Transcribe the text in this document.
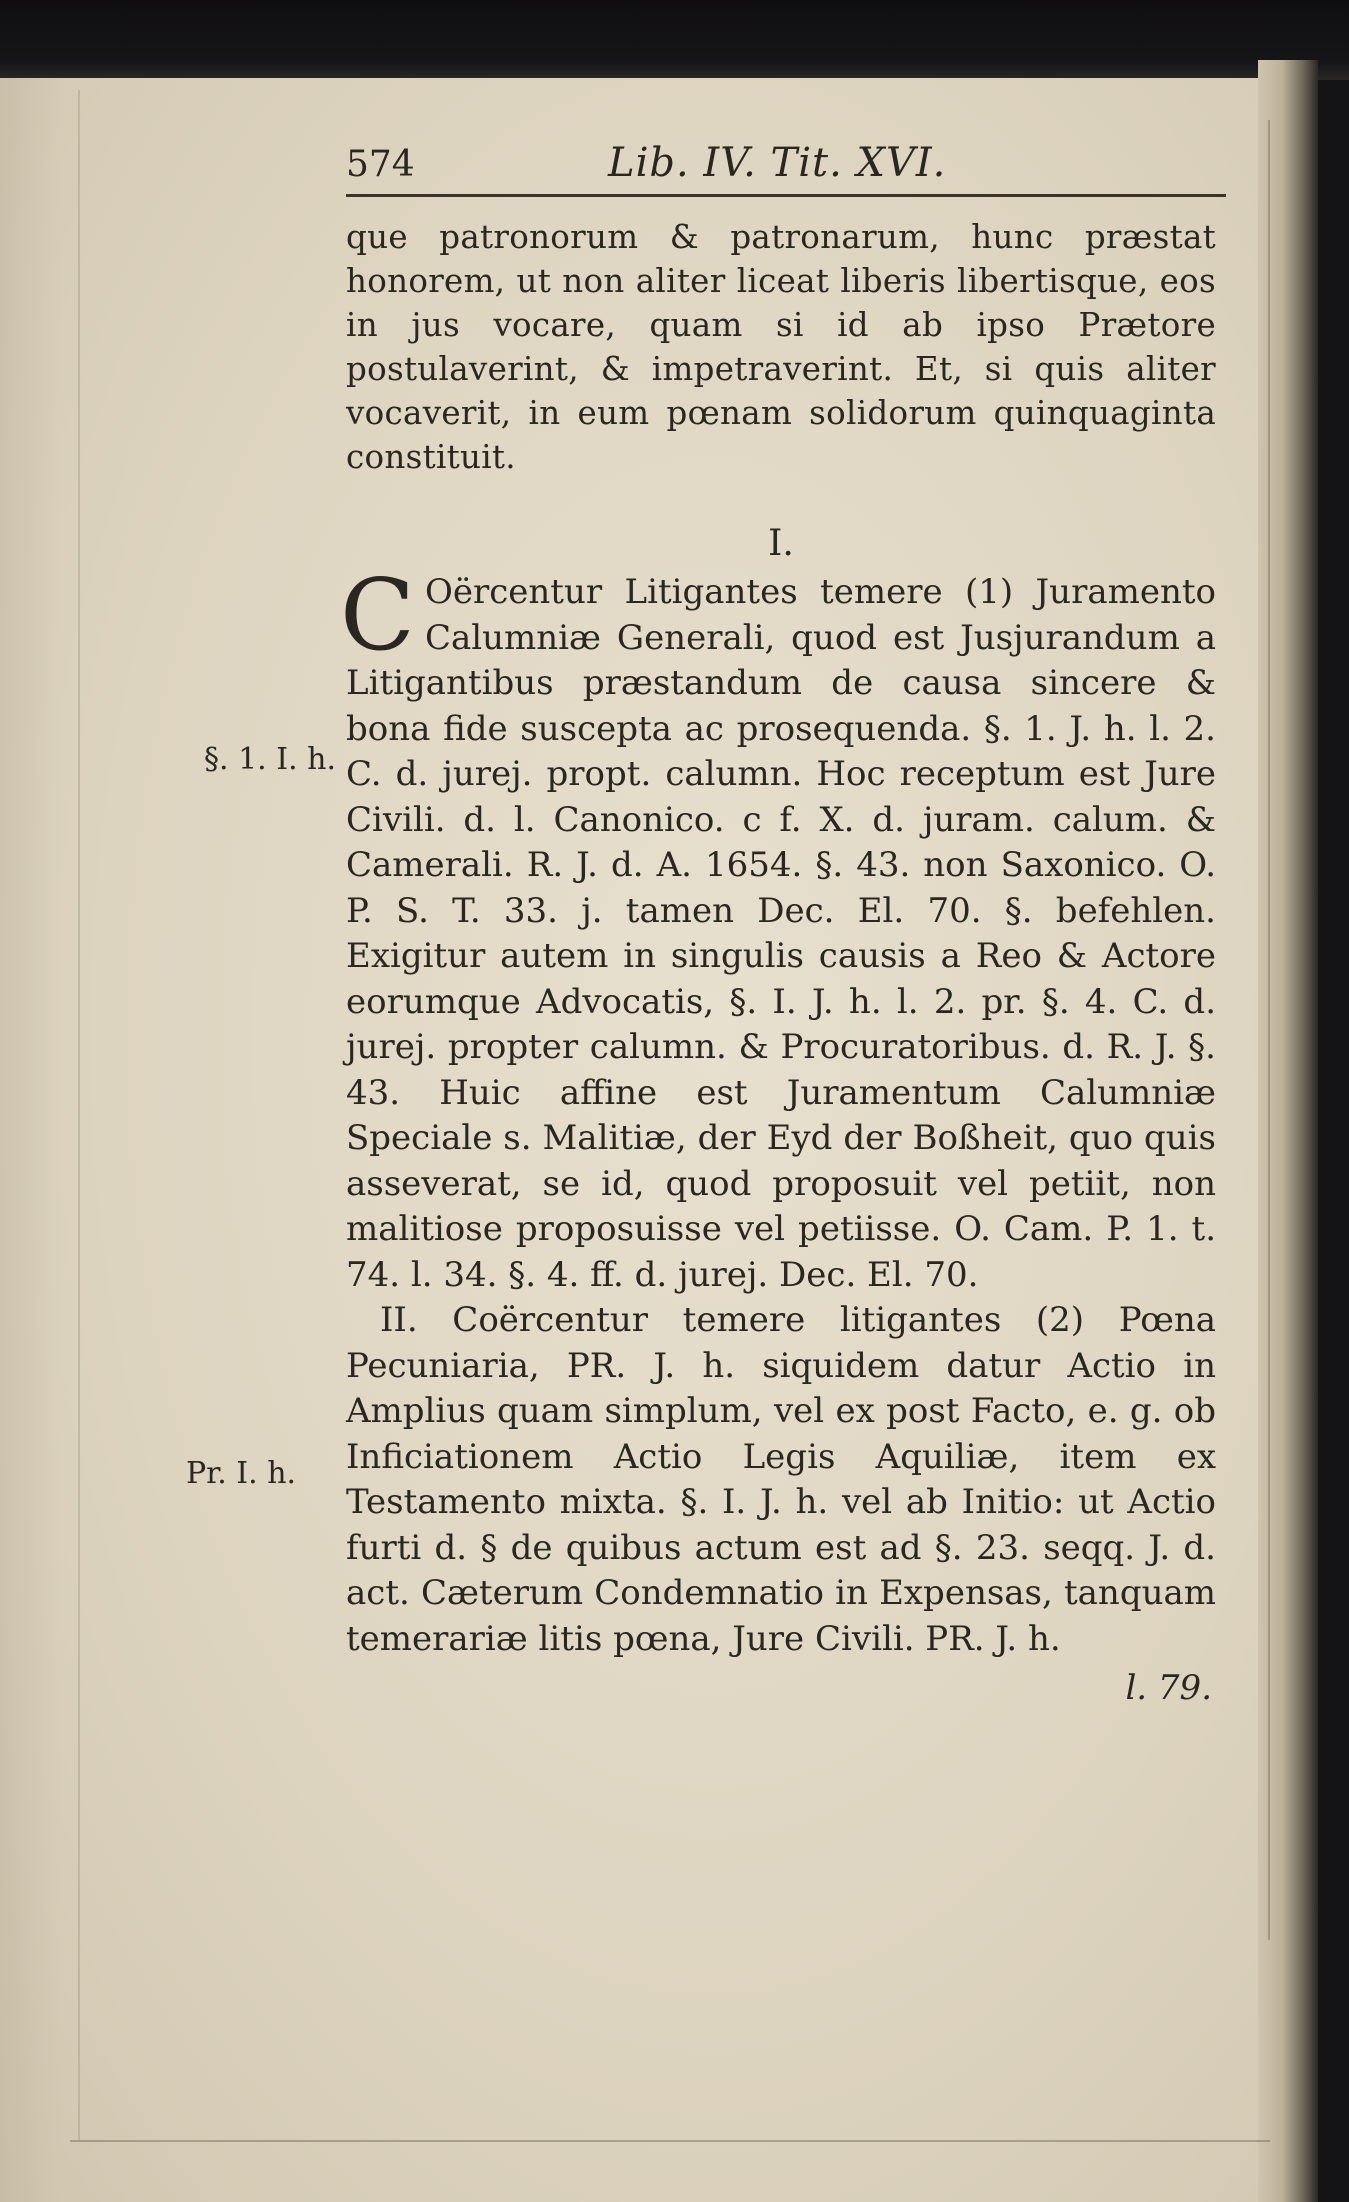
574	Lib. IV. Tit. XVI.

que patronorum & patronarum, hunc præstat honorem, ut non aliter liceat liberis libertisque, eos in jus vocare, quam si id ab ipso Prætore postulaverint, & impetraverint. Et, si quis aliter vocaverit, in eum pœnam solidorum quinquaginta constituit.

I.

C Oërcentur Litigantes temere (1) Juramento Calumniæ Generali, quod est Jusjurandum a Litigantibus præstandum de causa sincere & bona fide suscepta ac prosequenda. §. 1. J. h. l. 2. C. d. jurej. propt. calumn. Hoc receptum est Jure Civili. d. l. Canonico. c f. X. d. juram. calum. & Camerali. R. J. d. A. 1654. §. 43. non Saxonico. O. P. S. T. 33. j. tamen Dec. El. 70. §. befehlen. Exigitur autem in singulis causis a Reo & Actore eorumque Advocatis, §. I. J. h. l. 2. pr. §. 4. C. d. jurej. propter calumn. & Procuratoribus. d. R. J. §. 43. Huic affine est Juramentum Calumniæ Speciale s. Malitiæ, der Eyd der Boßheit, quo quis asseverat, se id, quod proposuit vel petiit, non malitiose proposuisse vel petiisse. O. Cam. P. 1. t. 74. l. 34. §. 4. ff. d. jurej. Dec. El. 70.

II. Coërcentur temere litigantes (2) Pœna Pecuniaria, PR. J. h. siquidem datur Actio in Amplius quam simplum, vel ex post Facto, e. g. ob Inficiationem Actio Legis Aquiliæ, item ex Testamento mixta. §. I. J. h. vel ab Initio: ut Actio furti d. § de quibus actum est ad §. 23. seqq. J. d. act. Cæterum Condemnatio in Expensas, tanquam temerariæ litis pœna, Jure Civili. PR. J. h.

l. 79.
§. 1. I. h.
Pr. I. h.
